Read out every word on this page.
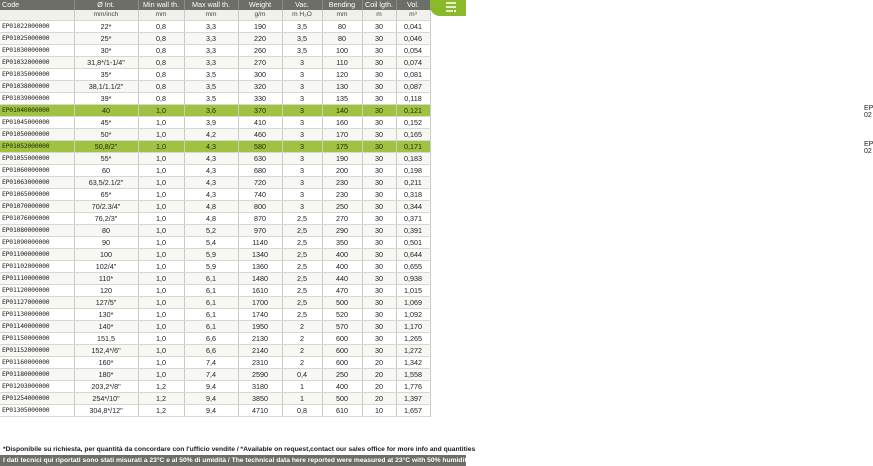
Code	Ø Int.	Min wall th.	Max wall th.	Weight	Vac.	Bending	Coil lgth.	Vol.
	mm/inch	mm	mm	g/m	m H₂O	mm	m	m³
EP01022000000	22*	0,8	3,3	190	3,5	80	30	0,041
EP01025000000	25*	0,8	3,3	220	3,5	80	30	0,046
EP01030000000	30*	0,8	3,3	260	3,5	100	30	0,054
EP01032000000	31,8*/1-1/4"	0,8	3,3	270	3	110	30	0,074
EP01035000000	35*	0,8	3,5	300	3	120	30	0,081
EP01038000000	38,1/1.1/2"	0,8	3,5	320	3	130	30	0,087
EP01039000000	39*	0,8	3,5	330	3	135	30	0,118
EP01040000000	40	1,0	3,6	370	3	140	30	0,121
EP01045000000	45*	1,0	3,9	410	3	160	30	0,152
EP01050000000	50*	1,0	4,2	460	3	170	30	0,165
EP01052000000	50,8/2"	1,0	4,3	580	3	175	30	0,171
EP01055000000	55*	1,0	4,3	630	3	190	30	0,183
EP01060000000	60	1,0	4,3	680	3	200	30	0,198
EP01063000000	63,5/2.1/2"	1,0	4,3	720	3	230	30	0,211
EP01065000000	65*	1,0	4,3	740	3	230	30	0,318
EP01070000000	70/2.3/4"	1,0	4,8	800	3	250	30	0,344
EP01076000000	76,2/3"	1,0	4,8	870	2,5	270	30	0,371
EP01080000000	80	1,0	5,2	970	2,5	290	30	0,391
EP01090000000	90	1,0	5,4	1140	2,5	350	30	0,501
EP01100000000	100	1,0	5,9	1340	2,5	400	30	0,644
EP01102000000	102/4"	1,0	5,9	1360	2,5	400	30	0,655
EP01110000000	110*	1,0	6,1	1480	2,5	440	30	0,938
EP01120000000	120	1,0	6,1	1610	2,5	470	30	1,015
EP01127000000	127/5"	1,0	6,1	1700	2,5	500	30	1,069
EP01130000000	130*	1,0	6,1	1740	2,5	520	30	1,092
EP01140000000	140*	1,0	6,1	1950	2	570	30	1,170
EP01150000000	151,5	1,0	6,6	2130	2	600	30	1,265
EP01152000000	152,4*/6"	1,0	6,6	2140	2	600	30	1,272
EP01160000000	160*	1,0	7,4	2310	2	600	20	1,342
EP01180000000	180*	1,0	7,4	2590	0,4	250	20	1,558
EP01203000000	203,2*/8"	1,2	9,4	3180	1	400	20	1,776
EP01254000000	254*/10"	1,2	9,4	3850	1	500	20	1,397
EP01305000000	304,8*/12"	1,2	9,4	4710	0,8	610	10	1,657
EP 02
EP 02
*Disponibile su richiesta, per quantità da concordare con l'ufficio vendite / *Available on request,contact our sales office for more info and quantities
I dati tecnici qui riportati sono stati misurati a 23°C e al 50% di umidità / The technical data here reported were measured at 23°C with 50% humidity
